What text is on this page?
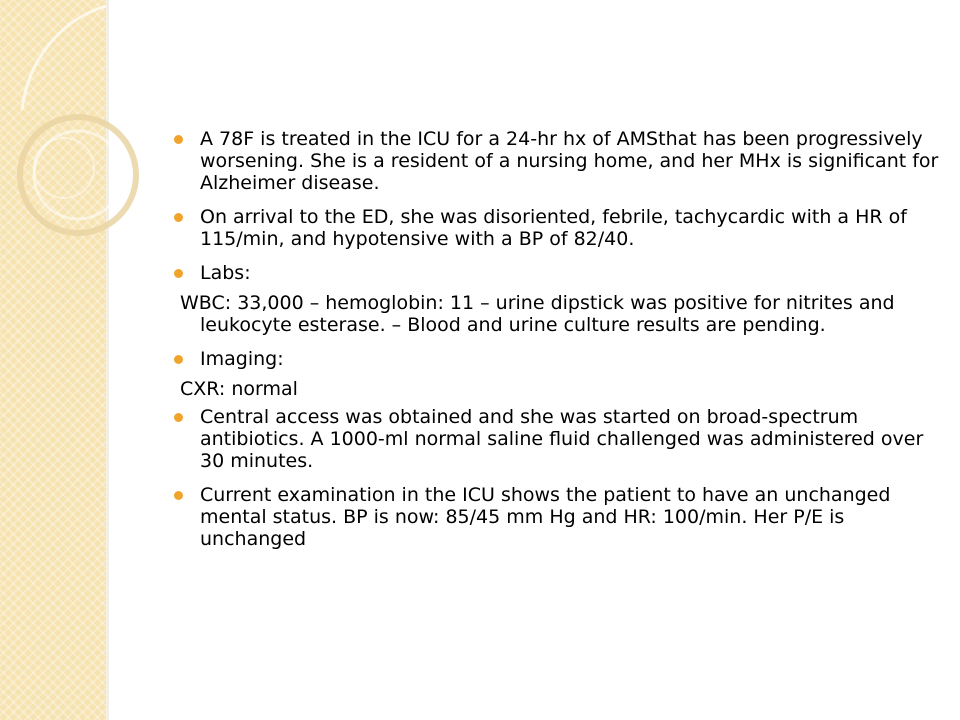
A 78F is treated in the ICU for a 24-hr hx of AMSthat has been progressively worsening. She is a resident of a nursing home, and her MHx is significant for Alzheimer disease.
On arrival to the ED, she was disoriented, febrile, tachycardic with a HR of 115/min, and hypotensive with a BP of 82/40.
Labs:
WBC: 33,000 – hemoglobin: 11 – urine dipstick was positive for nitrites and leukocyte esterase. – Blood and urine culture results are pending.
Imaging:
CXR: normal
Central access was obtained and she was started on broad-spectrum antibiotics. A 1000-ml normal saline fluid challenged was administered over 30 minutes.
Current examination in the ICU shows the patient to have an unchanged mental status. BP is now: 85/45 mm Hg and HR: 100/min. Her P/E is unchanged
